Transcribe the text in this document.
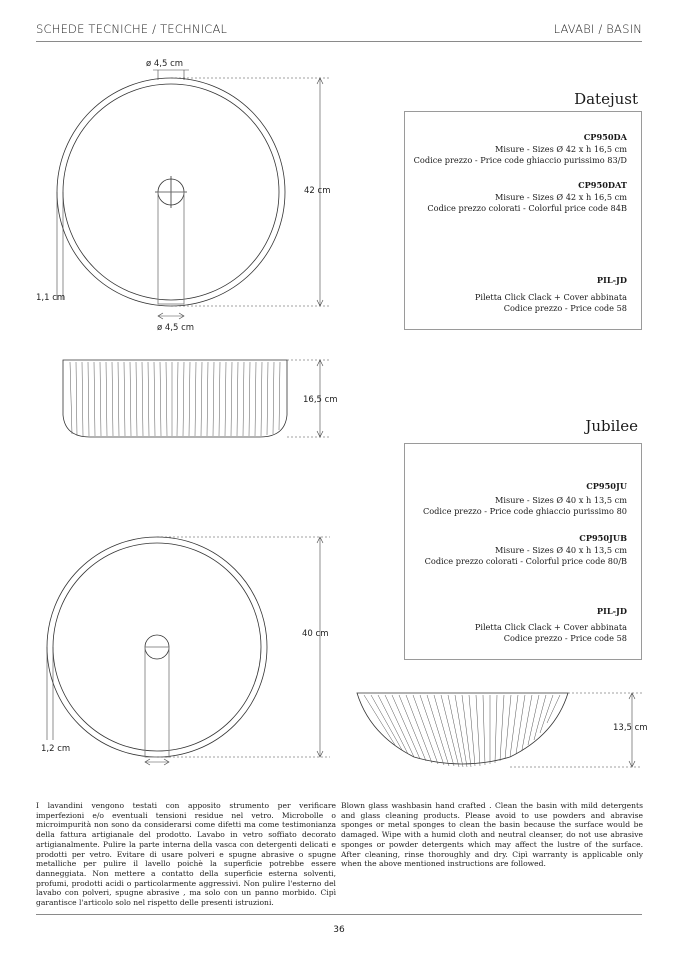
SCHEDE TECNICHE / TECHNICAL	LAVABI / BASIN
ø 4,5 cm
42 cm
1,1 cm
ø 4,5 cm
16,5 cm
40 cm
1,2 cm
13,5 cm
Datejust
CP950DA
Misure - Sizes Ø 42 x h 16,5 cm
Codice prezzo - Price code ghiaccio purissimo 83/D
CP950DAT
Misure - Sizes Ø 42 x h 16,5 cm
Codice prezzo colorati - Colorful price code 84B
PIL-JD
Piletta Click Clack + Cover abbinata
Codice prezzo - Price code 58
Jubilee
CP950JU
Misure - Sizes Ø 40 x h 13,5 cm
Codice prezzo - Price code ghiaccio purissimo 80
CP950JUB
Misure - Sizes Ø 40 x h 13,5 cm
Codice prezzo colorati - Colorful price code 80/B
PIL-JD
Piletta Click Clack + Cover abbinata
Codice prezzo - Price code 58
I lavandini vengono testati con apposito strumento per verificare imperfezioni e/o eventuali tensioni residue nel vetro. Microbolle o microimpurità non sono da considerarsi come difetti ma come testimonianza della fattura artigianale del prodotto. Lavabo in vetro soffiato decorato artigianalmente. Pulire la parte interna della vasca con detergenti delicati e prodotti per vetro. Evitare di usare polveri e spugne abrasive o spugne metalliche per pulire il lavello poichè la superficie potrebbe essere danneggiata. Non mettere a contatto della superficie esterna solventi, profumi, prodotti acidi o particolarmente aggressivi. Non pulire l'esterno del lavabo con polveri, spugne abrasive , ma solo con un panno morbido. Cipì garantisce l'articolo solo nel rispetto delle presenti istruzioni.
Blown glass washbasin hand crafted . Clean the basin with mild detergents and glass cleaning products. Please avoid to use powders and abravise sponges or metal sponges to clean the basin because the surface would be damaged. Wipe with a humid cloth and neutral cleanser, do not use abrasive sponges or powder detergents which may affect the lustre of the surface. After cleaning, rinse thoroughly and dry. Cipì warranty is applicable only when the above mentioned instructions are followed.
36
